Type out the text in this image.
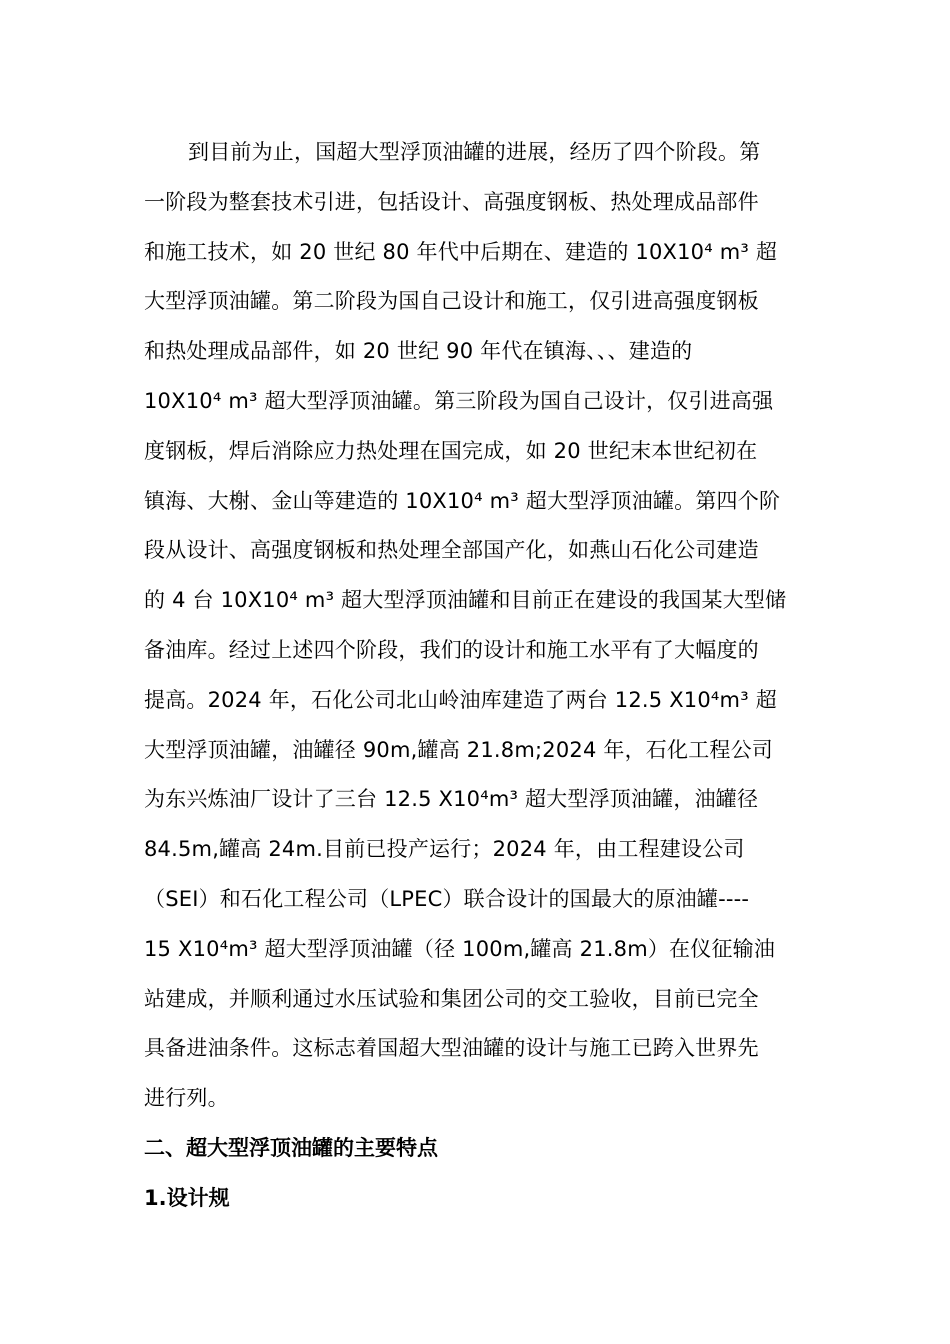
到目前为止，国超大型浮顶油罐的进展，经历了四个阶段。第
一阶段为整套技术引进，包括设计、高强度钢板、热处理成品部件
和施工技术，如 20 世纪 80 年代中后期在、建造的 10X10⁴ m³ 超
大型浮顶油罐。第二阶段为国自己设计和施工，仅引进高强度钢板
和热处理成品部件，如 20 世纪 90 年代在镇海、、、建造的
10X10⁴ m³ 超大型浮顶油罐。第三阶段为国自己设计，仅引进高强
度钢板，焊后消除应力热处理在国完成，如 20 世纪末本世纪初在
镇海、大榭、金山等建造的 10X10⁴ m³ 超大型浮顶油罐。第四个阶
段从设计、高强度钢板和热处理全部国产化，如燕山石化公司建造
的 4 台 10X10⁴ m³ 超大型浮顶油罐和目前正在建设的我国某大型储
备油库。经过上述四个阶段，我们的设计和施工水平有了大幅度的
提高。2024 年，石化公司北山岭油库建造了两台 12.5 X10⁴m³ 超
大型浮顶油罐，油罐径 90m,罐高 21.8m;2024 年，石化工程公司
为东兴炼油厂设计了三台 12.5 X10⁴m³ 超大型浮顶油罐，油罐径
84.5m,罐高 24m.目前已投产运行；2024 年，由工程建设公司
（SEI）和石化工程公司（LPEC）联合设计的国最大的原油罐----
15 X10⁴m³ 超大型浮顶油罐（径 100m,罐高 21.8m）在仪征输油
站建成，并顺利通过水压试验和集团公司的交工验收，目前已完全
具备进油条件。这标志着国超大型油罐的设计与施工已跨入世界先
进行列。

二、超大型浮顶油罐的主要特点
1.设计规
